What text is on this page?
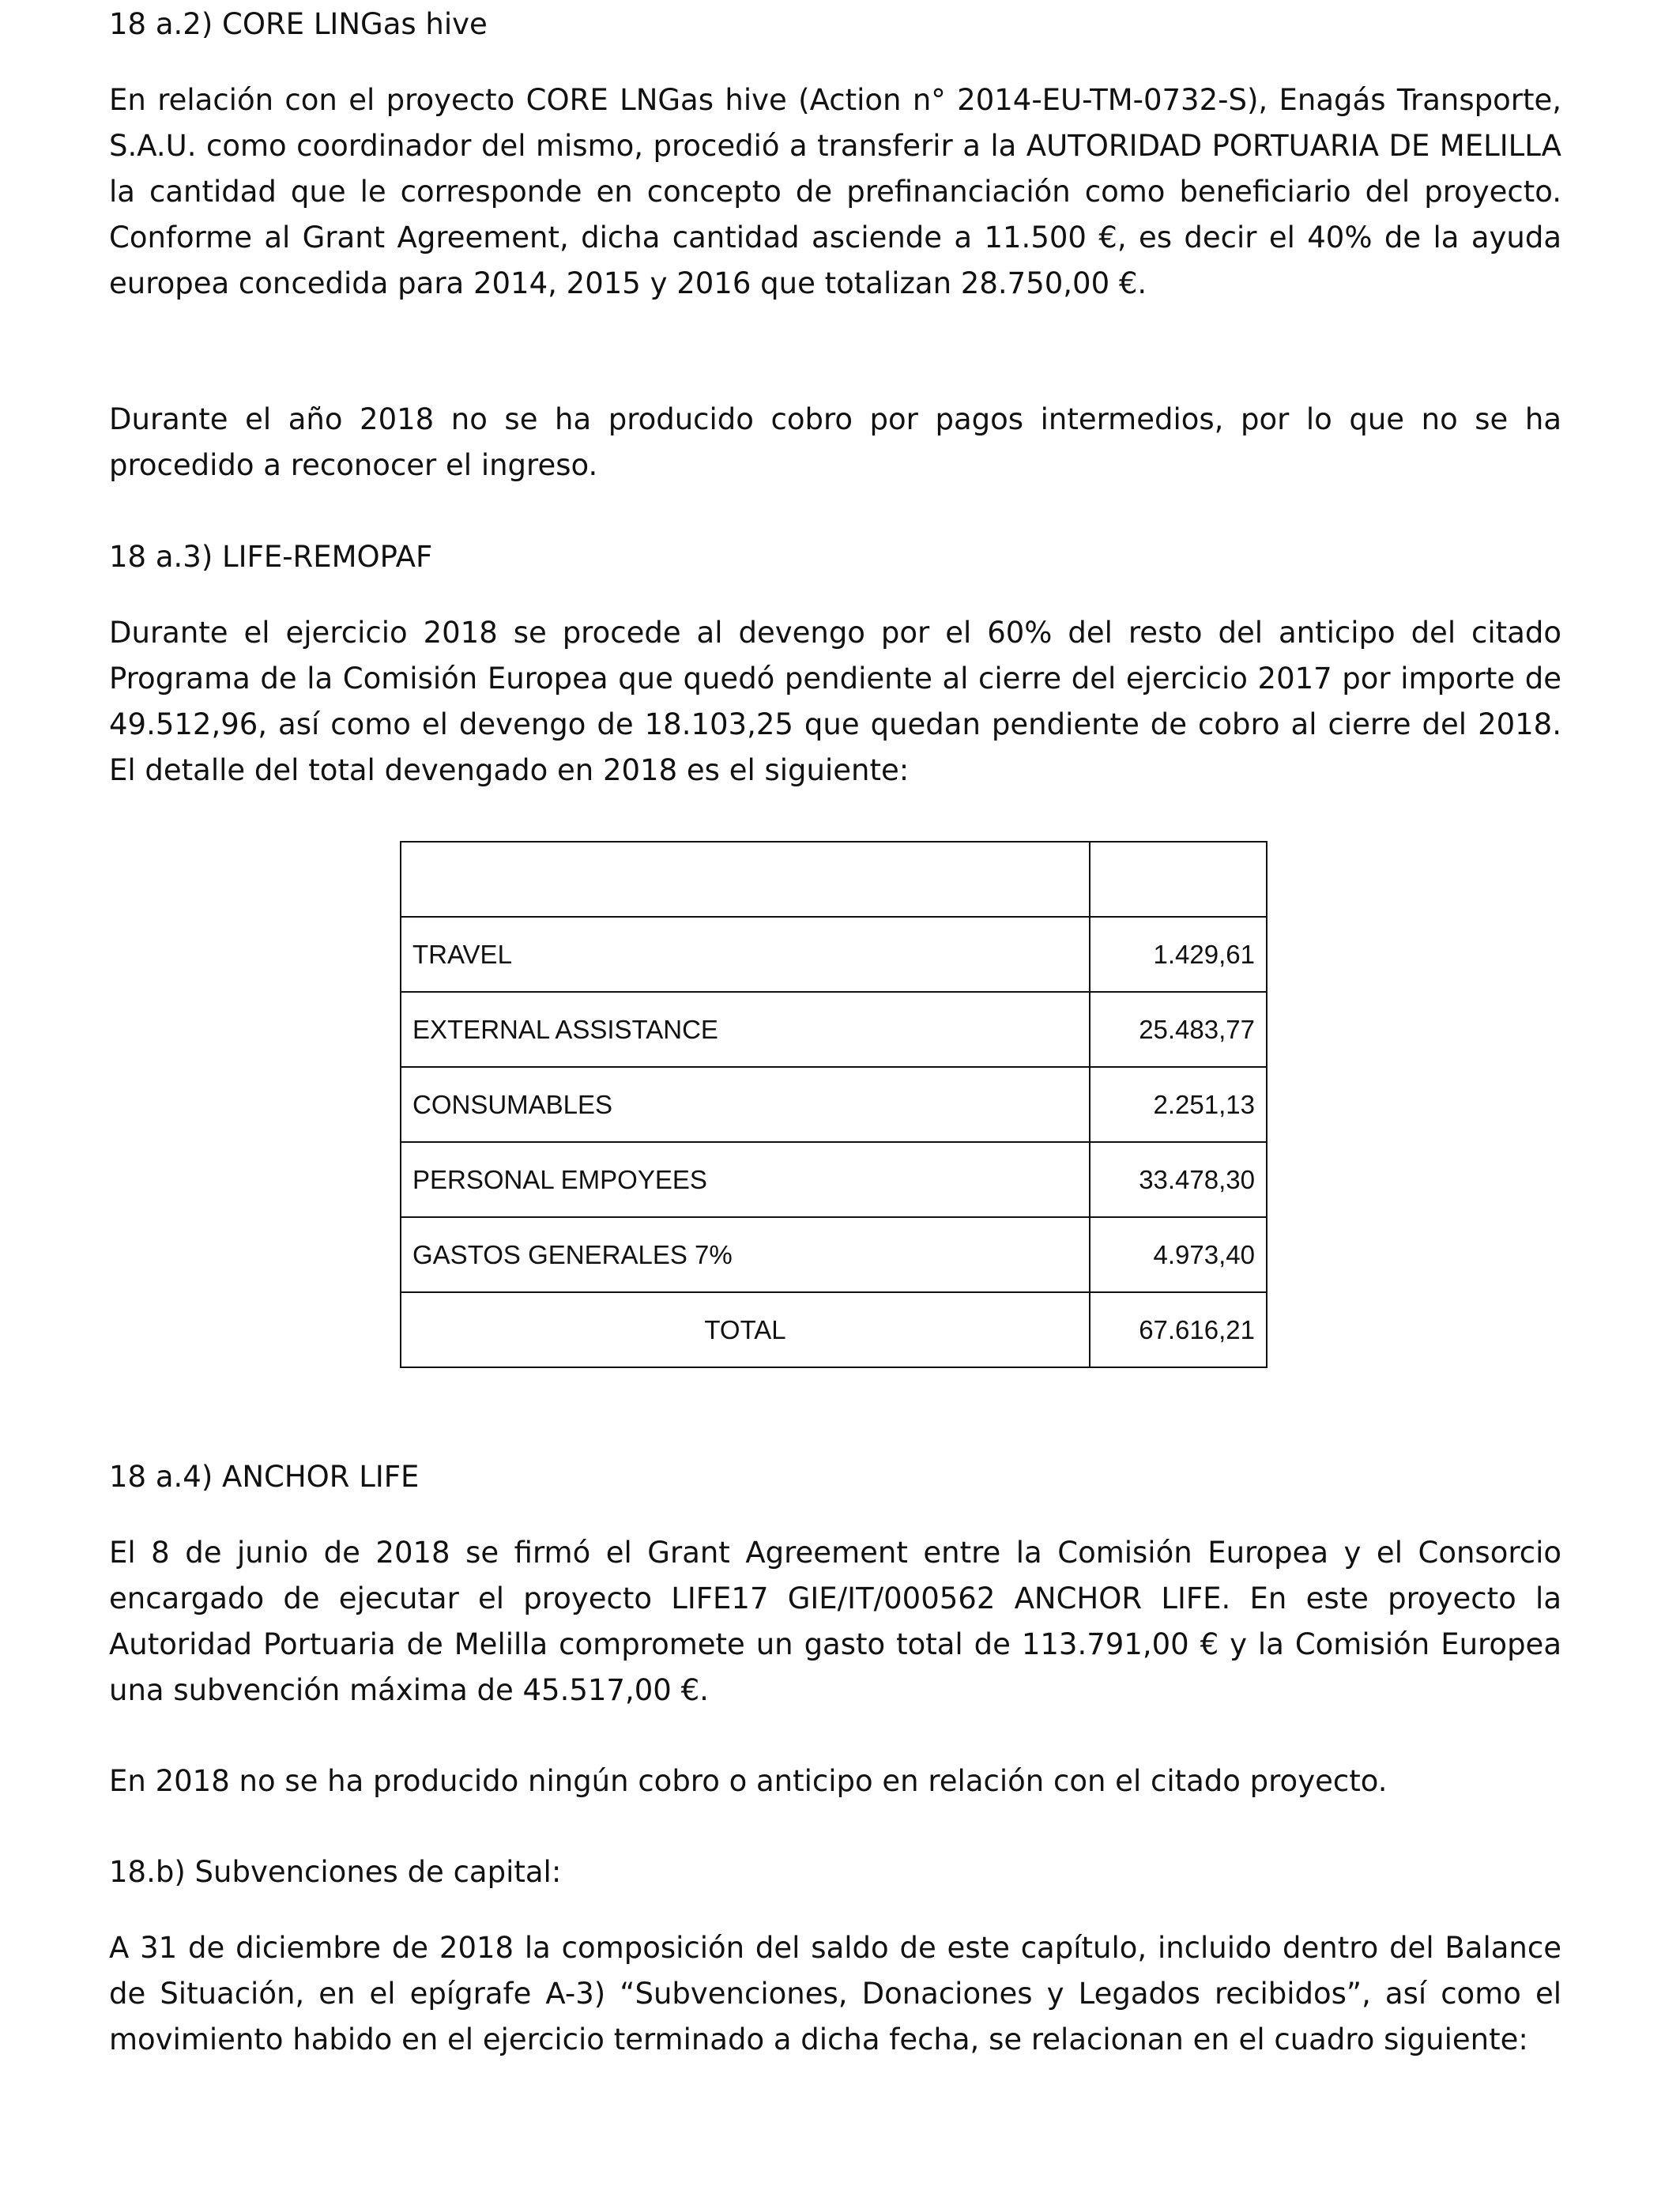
18 a.2) CORE LINGas hive

En relación con el proyecto CORE LNGas hive (Action n° 2014-EU-TM-0732-S), Enagás Transporte, S.A.U. como coordinador del mismo, procedió a transferir a la AUTORIDAD PORTUARIA DE MELILLA la cantidad que le corresponde en concepto de prefinanciación como beneficiario del proyecto. Conforme al Grant Agreement, dicha cantidad asciende a 11.500 €, es decir el 40% de la ayuda europea concedida para 2014, 2015 y 2016 que totalizan 28.750,00 €.

Durante el año 2018 no se ha producido cobro por pagos intermedios, por lo que no se ha procedido a reconocer el ingreso.

18 a.3) LIFE-REMOPAF

Durante el ejercicio 2018 se procede al devengo por el 60% del resto del anticipo del citado Programa de la Comisión Europea que quedó pendiente al cierre del ejercicio 2017 por importe de 49.512,96, así como el devengo de 18.103,25 que quedan pendiente de cobro al cierre del 2018. El detalle del total devengado en 2018 es el siguiente:

TRAVEL	1.429,61
EXTERNAL ASSISTANCE	25.483,77
CONSUMABLES	2.251,13
PERSONAL EMPOYEES	33.478,30
GASTOS GENERALES 7%	4.973,40
TOTAL	67.616,21
18 a.4) ANCHOR LIFE

El 8 de junio de 2018 se firmó el Grant Agreement entre la Comisión Europea y el Consorcio encargado de ejecutar el proyecto LIFE17 GIE/IT/000562 ANCHOR LIFE. En este proyecto la Autoridad Portuaria de Melilla compromete un gasto total de 113.791,00 € y la Comisión Europea una subvención máxima de 45.517,00 €.

En 2018 no se ha producido ningún cobro o anticipo en relación con el citado proyecto.

18.b) Subvenciones de capital:

A 31 de diciembre de 2018 la composición del saldo de este capítulo, incluido dentro del Balance de Situación, en el epígrafe A-3) “Subvenciones, Donaciones y Legados recibidos”, así como el movimiento habido en el ejercicio terminado a dicha fecha, se relacionan en el cuadro siguiente:
